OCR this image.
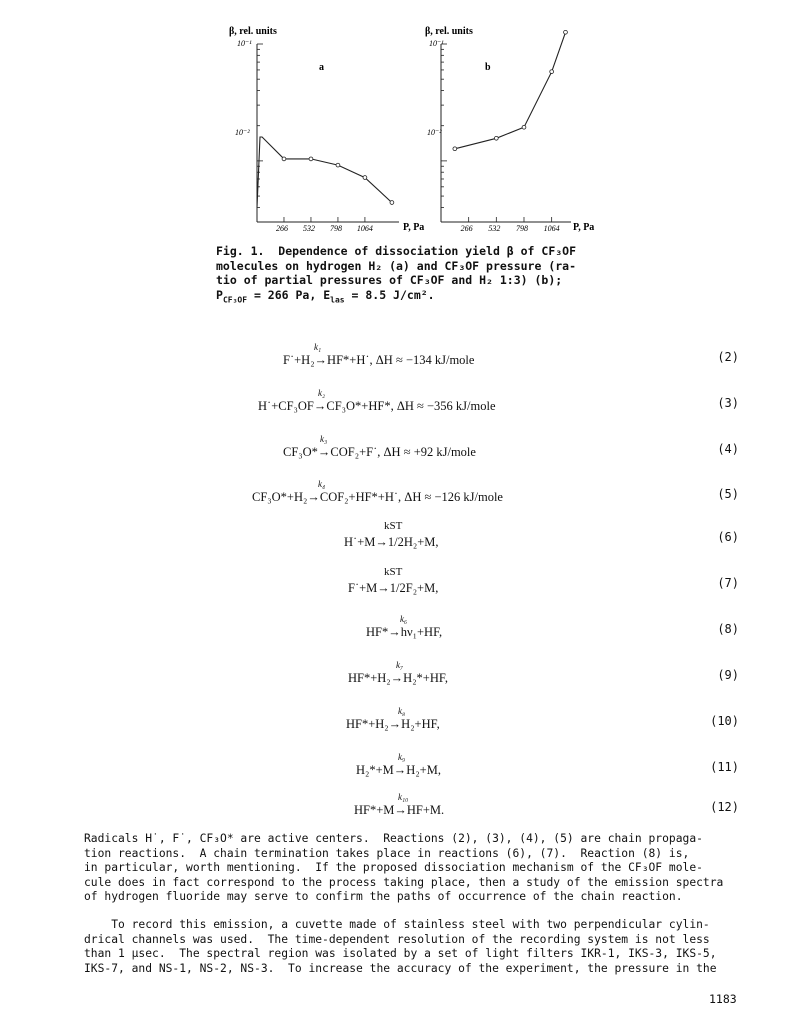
β, rel. units
10⁻¹
10⁻²
a
266 532 798 1064	P, Pa
β, rel. units
10⁻¹
10⁻²
b
266 532 798 1064 P, Pa
Fig. 1.  Dependence of dissociation yield β of CF₃OF
molecules on hydrogen H₂ (a) and CF₃OF pressure (ra-
tio of partial pressures of CF₃OF and H₂ 1:3) (b);
$P_{CF_3OF} = 266$ Pa, $E_{las} = 8.5$ J/cm².
k₁
F˙+H₂→HF*+H˙, ΔH ≈ −134 kJ/mole	(2)
k₂
H˙+CF₃OF→CF₃O*+HF*, ΔH ≈ −356 kJ/mole	(3)
k₃
CF₃O*→COF₂+F˙, ΔH ≈ +92 kJ/mole	(4)
k₄
CF₃O*+H₂→COF₂+HF*+H˙, ΔH ≈ −126 kJ/mole	(5)
kST
H˙+M→1/2H₂+M,	(6)
kST
F˙+M→1/2F₂+M,	(7)
k₆
HF*→hν₁+HF,	(8)
k₇
HF*+H₂→H₂*+HF,	(9)
k₈
HF*+H₂→H₂+HF,	(10)
k₉
H₂*+M→H₂+M,	(11)
k₁₀
HF*+M→HF+M.	(12)
Radicals H˙, F˙, CF₃O* are active centers.  Reactions (2), (3), (4), (5) are chain propaga-
tion reactions.  A chain termination takes place in reactions (6), (7).  Reaction (8) is,
in particular, worth mentioning.  If the proposed dissociation mechanism of the CF₃OF mole-
cule does in fact correspond to the process taking place, then a study of the emission spectra
of hydrogen fluoride may serve to confirm the paths of occurrence of the chain reaction.
To record this emission, a cuvette made of stainless steel with two perpendicular cylin-
drical channels was used.  The time-dependent resolution of the recording system is not less
than 1 μsec.  The spectral region was isolated by a set of light filters IKR-1, IKS-3, IKS-5,
IKS-7, and NS-1, NS-2, NS-3.  To increase the accuracy of the experiment, the pressure in the
1183
